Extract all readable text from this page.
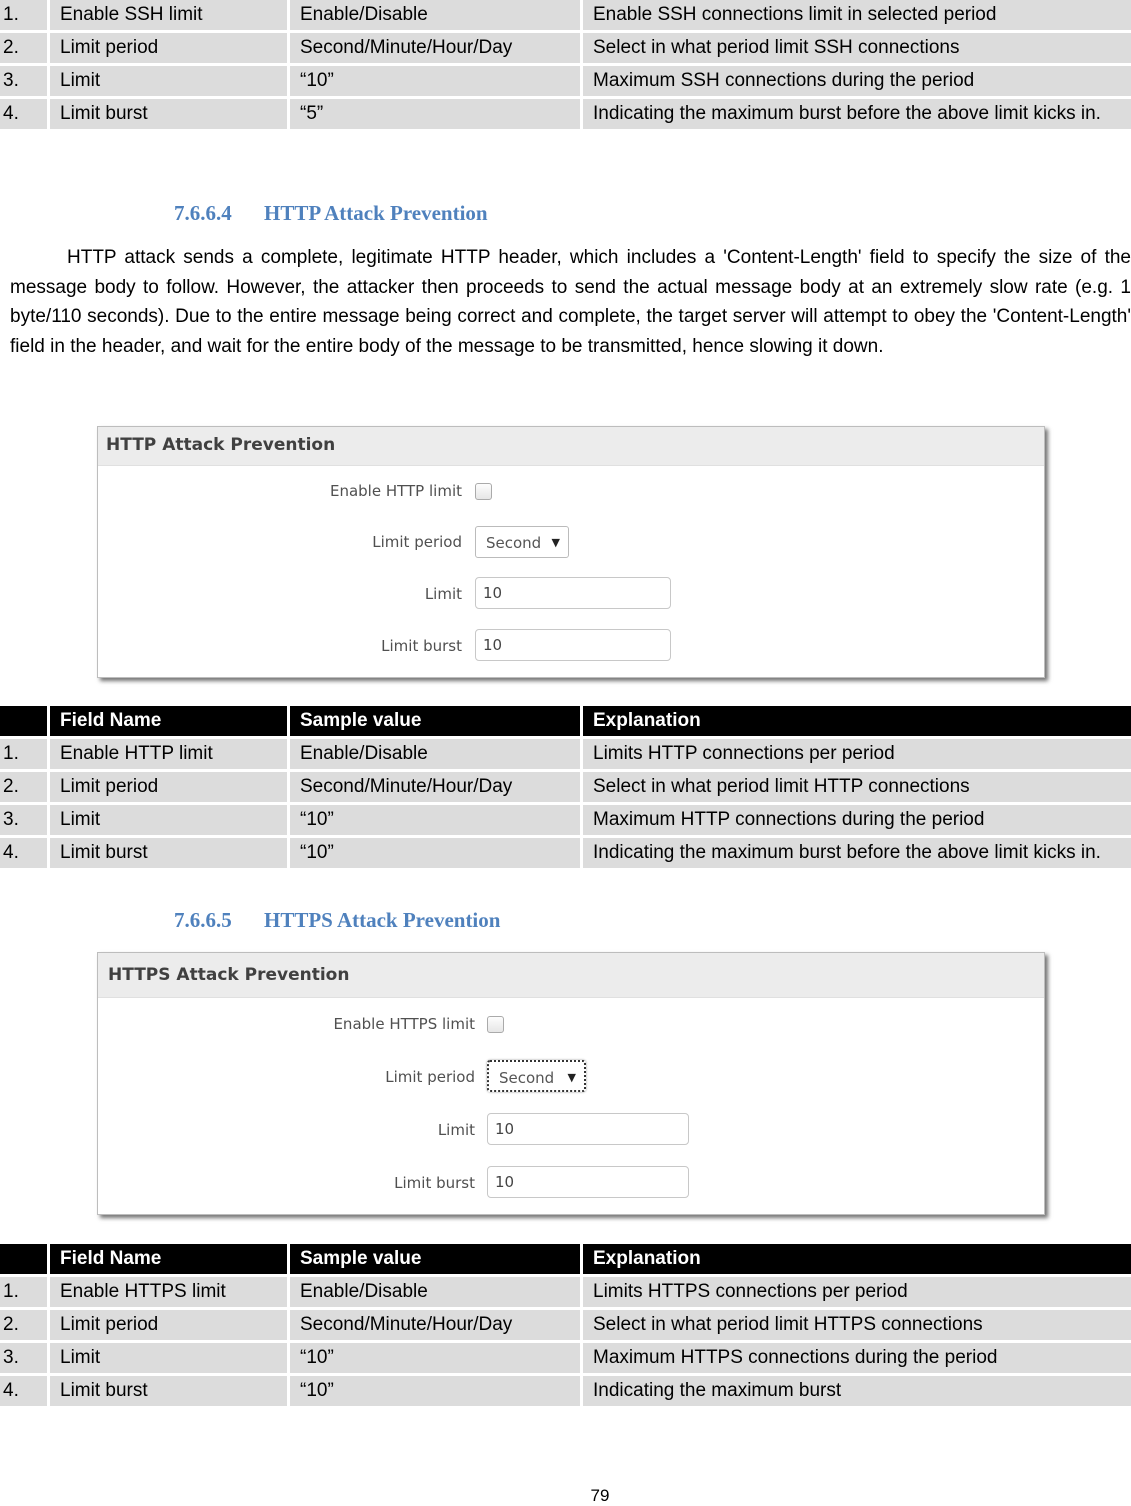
1.	Enable SSH limit	Enable/Disable	Enable SSH connections limit in selected period
2.	Limit period	Second/Minute/Hour/Day	Select in what period limit SSH connections
3.	Limit	“10”	Maximum SSH connections during the period
4.	Limit burst	“5”	Indicating the maximum burst before the above limit kicks in.
7.6.6.4 HTTP Attack Prevention
HTTP attack sends a complete, legitimate HTTP header, which includes a 'Content-Length' field to specify the size of the message body to follow. However, the attacker then proceeds to send the actual message body at an extremely slow rate (e.g. 1 byte/110 seconds). Due to the entire message being correct and complete, the target server will attempt to obey the 'Content-Length' field in the header, and wait for the entire body of the message to be transmitted, hence slowing it down.
HTTP Attack Prevention
Enable HTTP limit
Limit period	Second ▼
Limit	10
Limit burst	10
	Field Name	Sample value	Explanation
1.	Enable HTTP limit	Enable/Disable	Limits HTTP connections per period
2.	Limit period	Second/Minute/Hour/Day	Select in what period limit HTTP connections
3.	Limit	“10”	Maximum HTTP connections during the period
4.	Limit burst	“10”	Indicating the maximum burst before the above limit kicks in.
7.6.6.5 HTTPS Attack Prevention
HTTPS Attack Prevention
Enable HTTPS limit
Limit period	Second ▼
Limit	10
Limit burst	10
	Field Name	Sample value	Explanation
1.	Enable HTTPS limit	Enable/Disable	Limits HTTPS connections per period
2.	Limit period	Second/Minute/Hour/Day	Select in what period limit HTTPS connections
3.	Limit	“10”	Maximum HTTPS connections during the period
4.	Limit burst	“10”	Indicating the maximum burst
79
